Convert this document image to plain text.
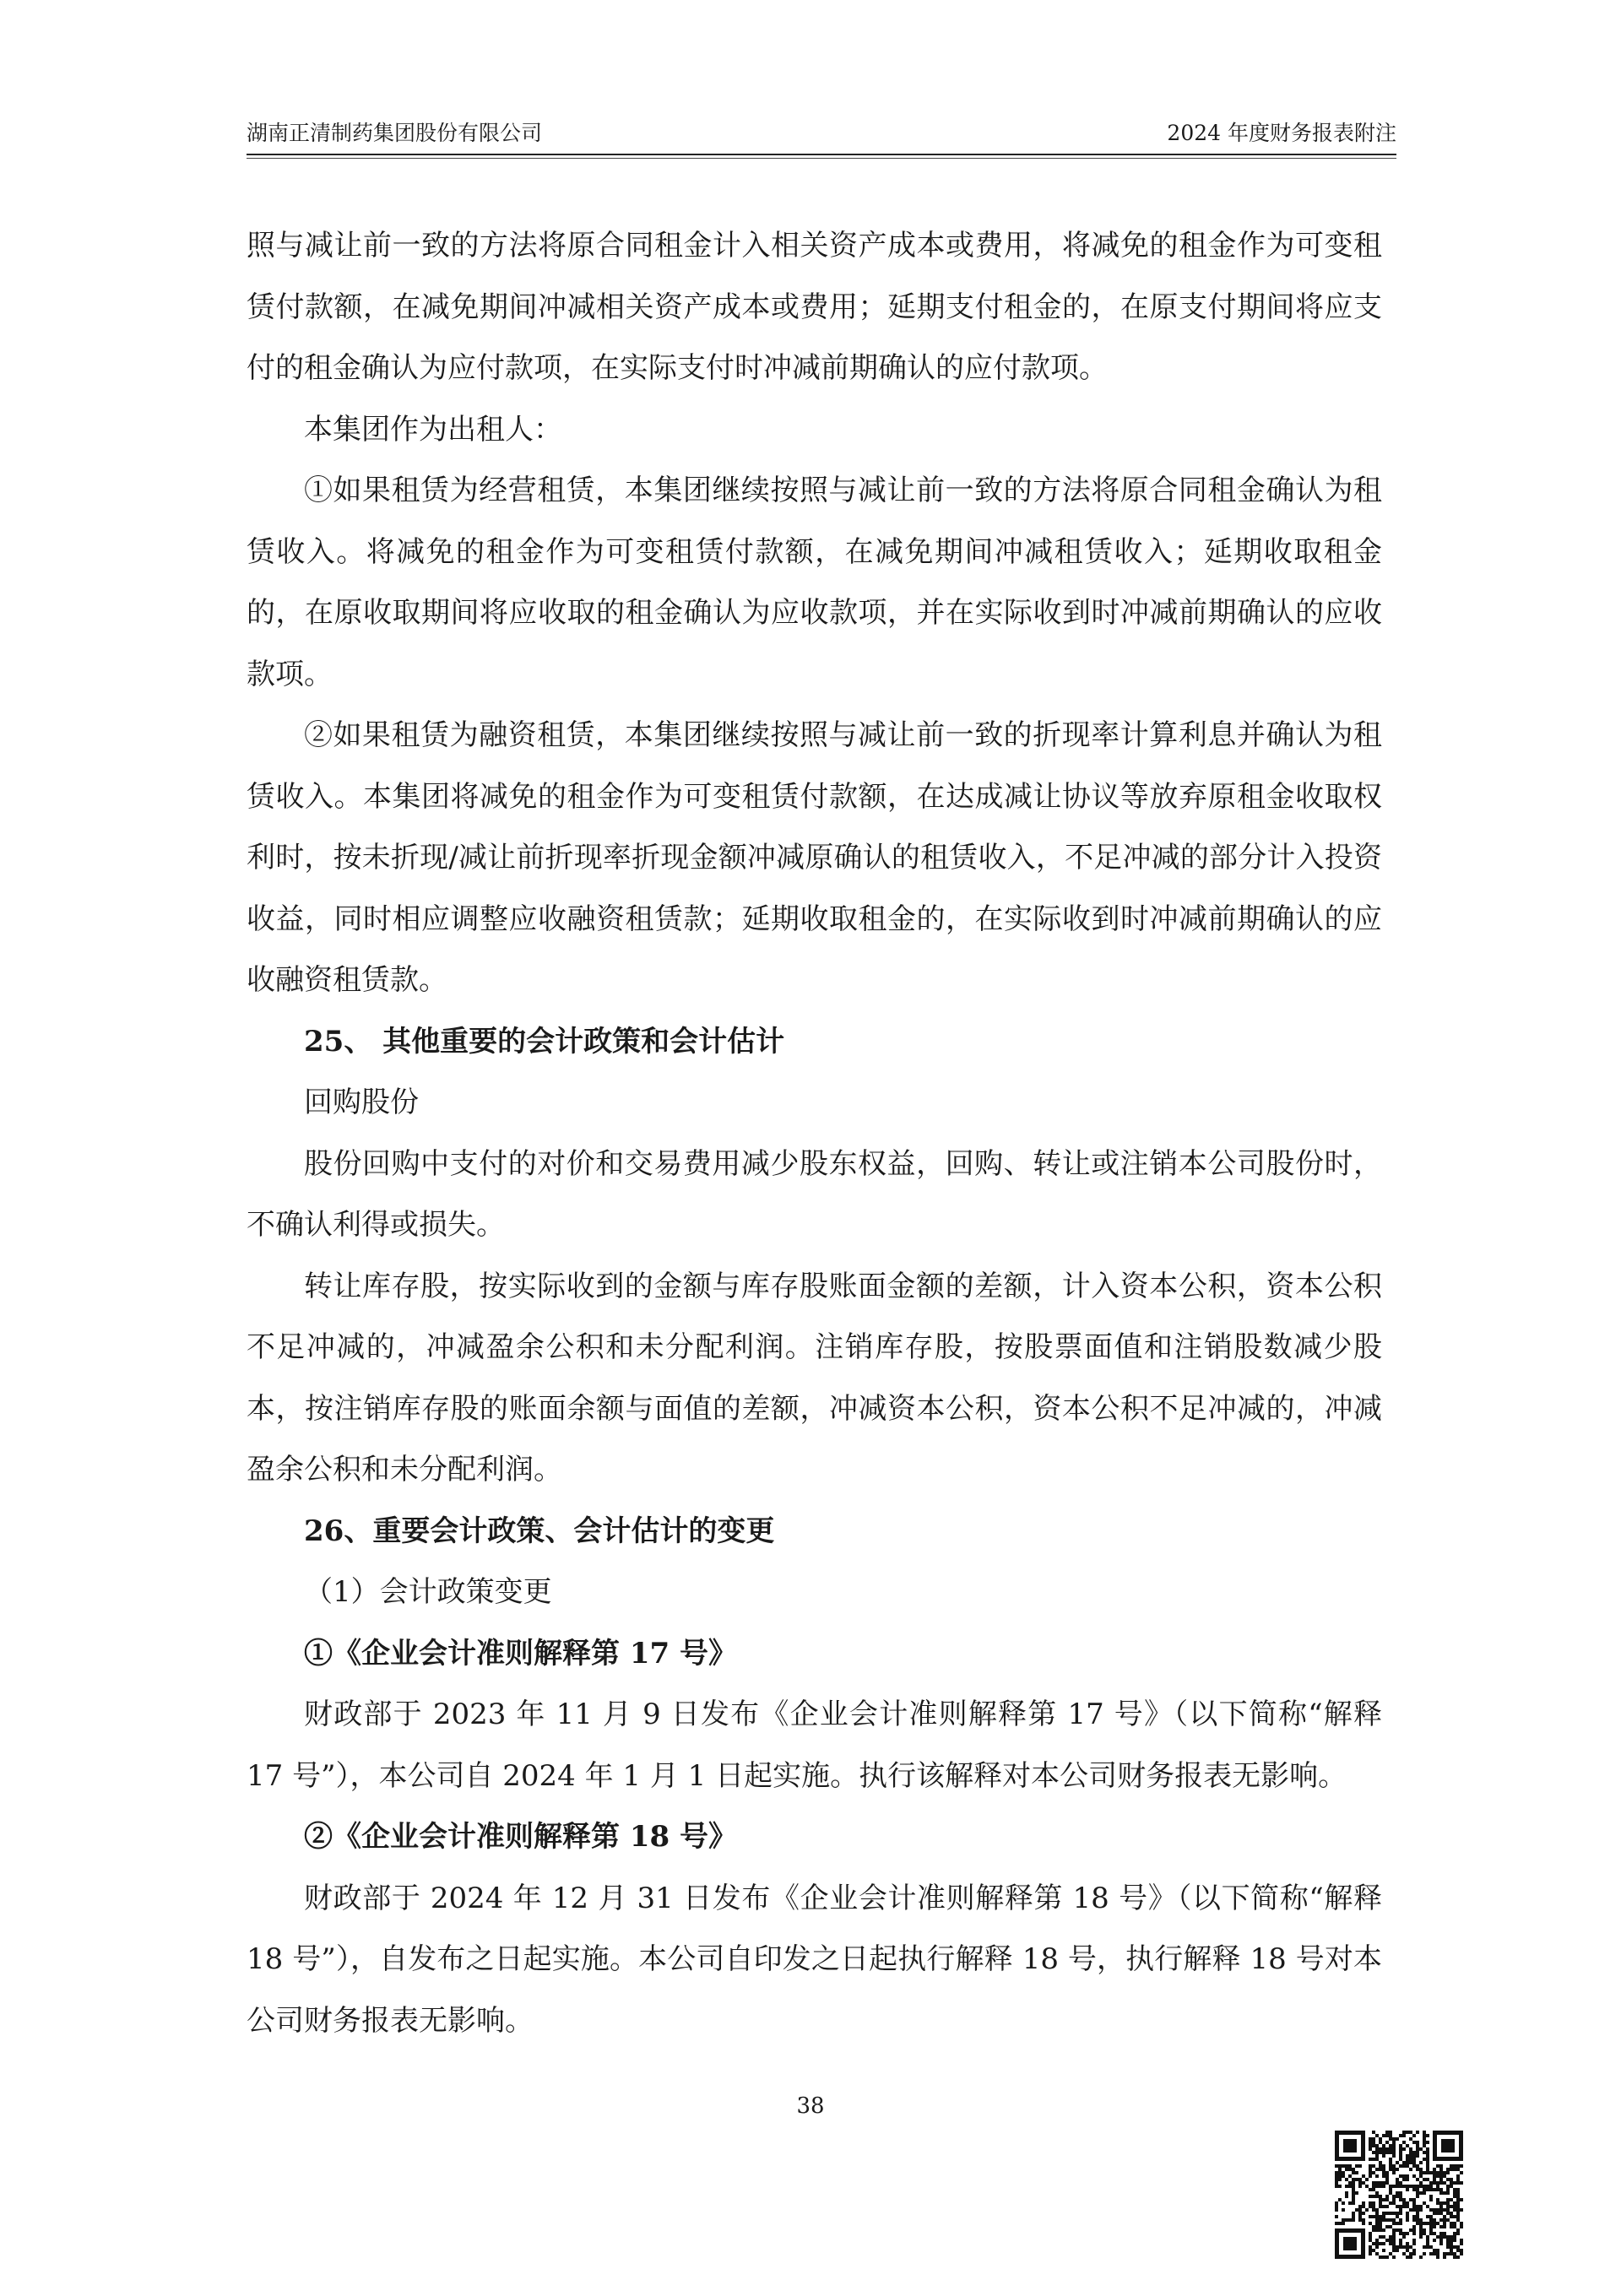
湖南正清制药集团股份有限公司	2024 年度财务报表附注

照与减让前一致的方法将原合同租金计入相关资产成本或费用，将减免的租金作为可变租赁付款额，在减免期间冲减相关资产成本或费用；延期支付租金的，在原支付期间将应支付的租金确认为应付款项，在实际支付时冲减前期确认的应付款项。

本集团作为出租人：

①如果租赁为经营租赁，本集团继续按照与减让前一致的方法将原合同租金确认为租赁收入。将减免的租金作为可变租赁付款额，在减免期间冲减租赁收入；延期收取租金的，在原收取期间将应收取的租金确认为应收款项，并在实际收到时冲减前期确认的应收款项。

②如果租赁为融资租赁，本集团继续按照与减让前一致的折现率计算利息并确认为租赁收入。本集团将减免的租金作为可变租赁付款额，在达成减让协议等放弃原租金收取权利时，按未折现/减让前折现率折现金额冲减原确认的租赁收入，不足冲减的部分计入投资收益，同时相应调整应收融资租赁款；延期收取租金的，在实际收到时冲减前期确认的应收融资租赁款。

25、 其他重要的会计政策和会计估计

回购股份

股份回购中支付的对价和交易费用减少股东权益，回购、转让或注销本公司股份时，不确认利得或损失。

转让库存股，按实际收到的金额与库存股账面金额的差额，计入资本公积，资本公积不足冲减的，冲减盈余公积和未分配利润。注销库存股，按股票面值和注销股数减少股本，按注销库存股的账面余额与面值的差额，冲减资本公积，资本公积不足冲减的，冲减盈余公积和未分配利润。

26、重要会计政策、会计估计的变更

（1）会计政策变更

①《企业会计准则解释第 17 号》

财政部于 2023 年 11 月 9 日发布《企业会计准则解释第 17 号》（以下简称“解释 17 号”），本公司自 2024 年 1 月 1 日起实施。执行该解释对本公司财务报表无影响。

②《企业会计准则解释第 18 号》

财政部于 2024 年 12 月 31 日发布《企业会计准则解释第 18 号》（以下简称“解释 18 号”），自发布之日起实施。本公司自印发之日起执行解释 18 号，执行解释 18 号对本公司财务报表无影响。

38
